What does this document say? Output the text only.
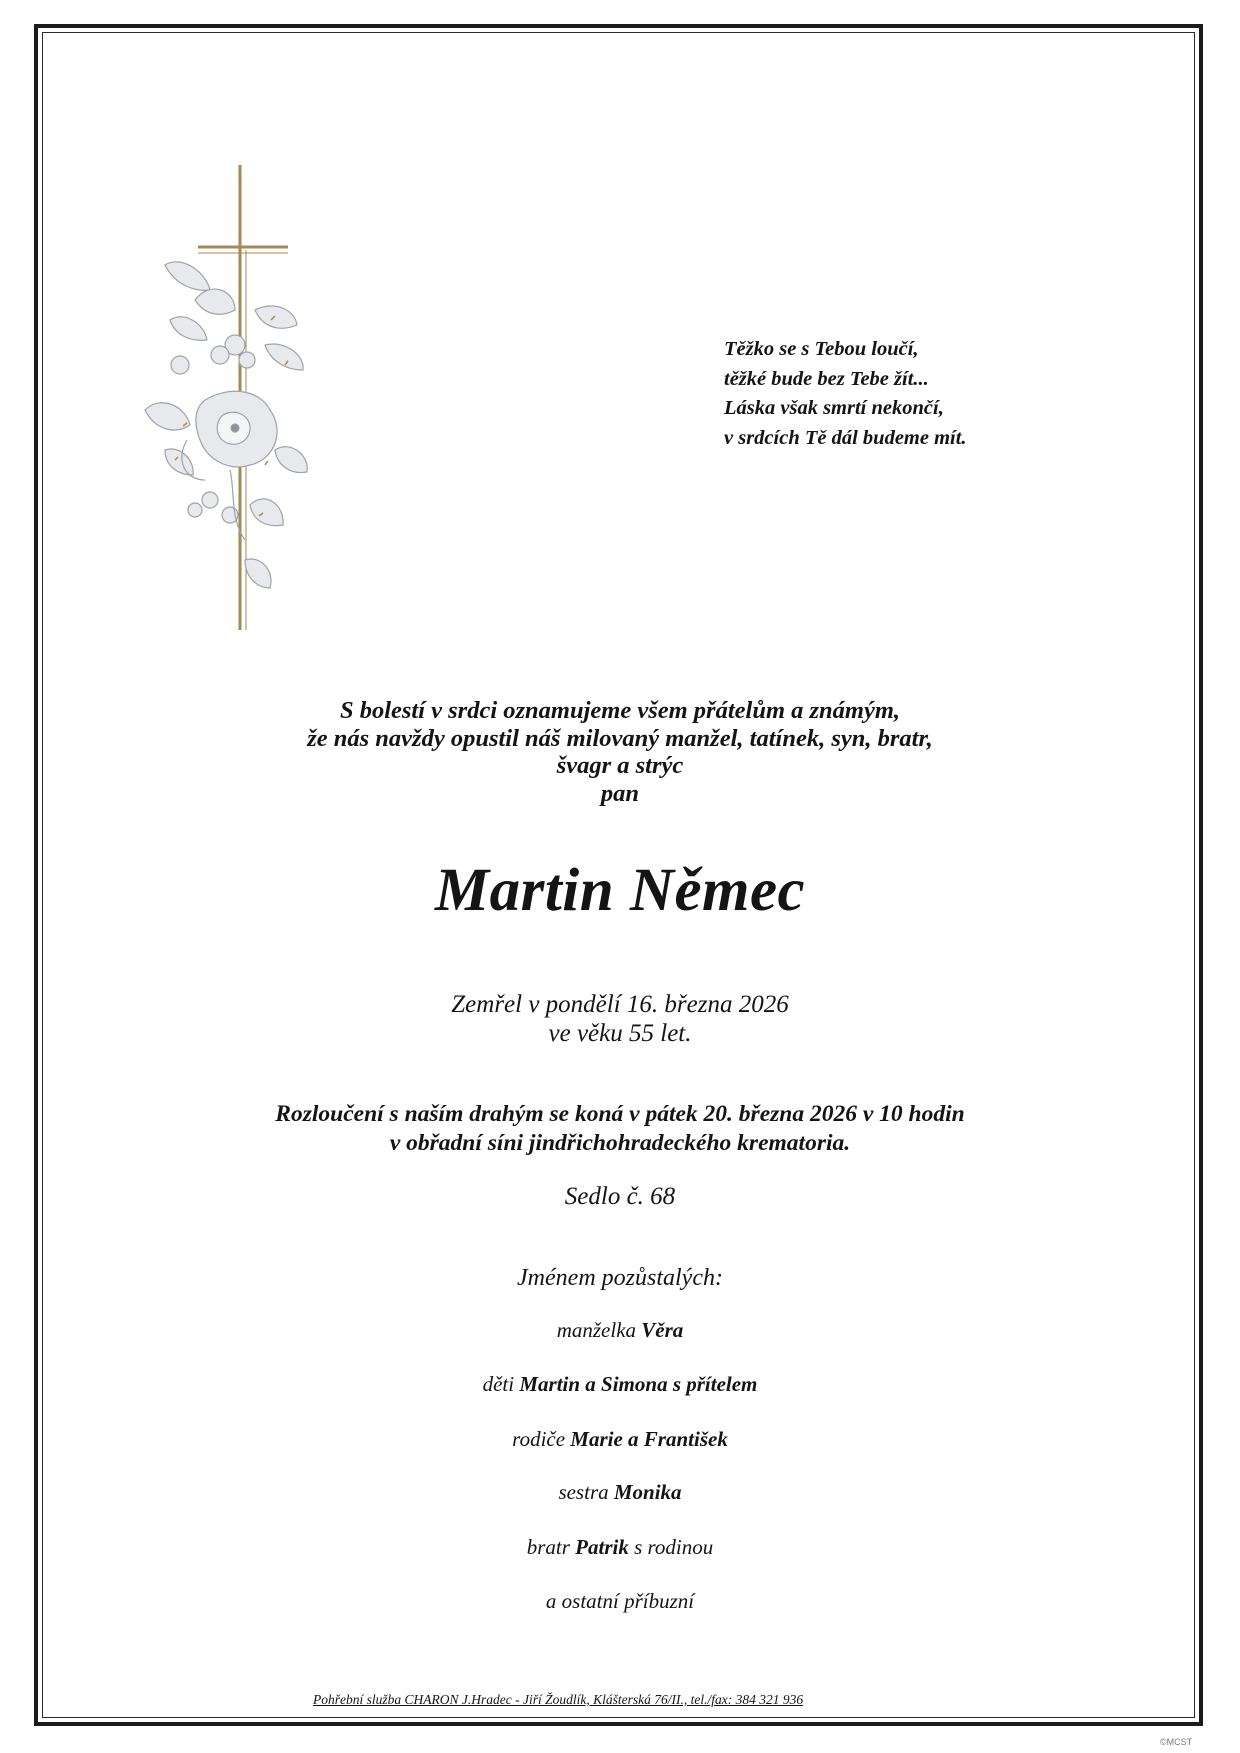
Těžko se s Tebou loučí,
těžké bude bez Tebe žít...
Láska však smrtí nekončí,
v srdcích Tě dál budeme mít.
S bolestí v srdci oznamujeme všem přátelům a známým,
že nás navždy opustil náš milovaný manžel, tatínek, syn, bratr,
švagr a strýc
pan
Martin Němec
Zemřel v pondělí 16. března 2026
ve věku 55 let.
Rozloučení s naším drahým se koná v pátek 20. března 2026 v 10 hodin
v obřadní síni jindřichohradeckého krematoria.
Sedlo č. 68
Jménem pozůstalých:
manželka Věra
děti Martin a Simona s přítelem
rodiče Marie a František
sestra Monika
bratr Patrik s rodinou
a ostatní příbuzní
Pohřební služba CHARON J.Hradec - Jiří Žoudlík, Klášterská 76/II., tel./fax: 384 321 936
©MCST
